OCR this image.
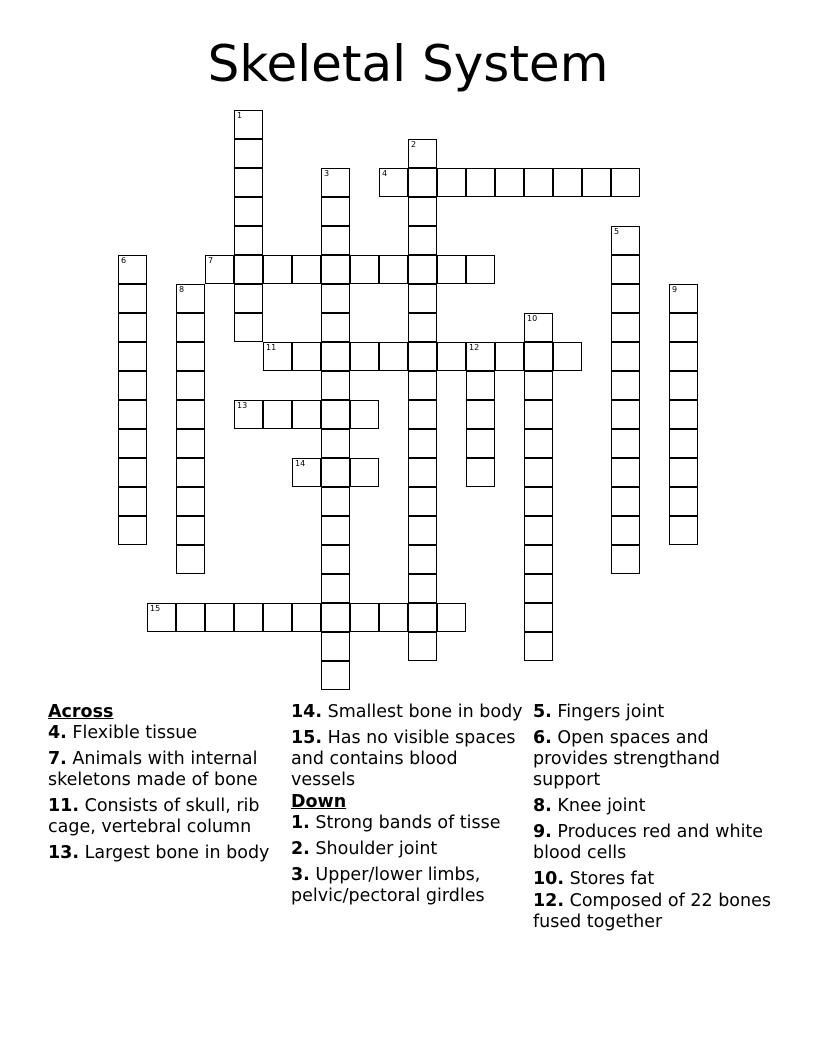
Skeletal System
1
2
3	4
5
6	7
8	9
10
11	12
13
14
15
Across
4. Flexible tissue
7. Animals with internal skeletons made of bone
11. Consists of skull, rib cage, vertebral column
13. Largest bone in body
14. Smallest bone in body
15. Has no visible spaces and contains blood vessels
Down
1. Strong bands of tisse
2. Shoulder joint
3. Upper/lower limbs, pelvic/pectoral girdles
5. Fingers joint
6. Open spaces and provides strengthand support
8. Knee joint
9. Produces red and white blood cells
10. Stores fat
12. Composed of 22 bones fused together
